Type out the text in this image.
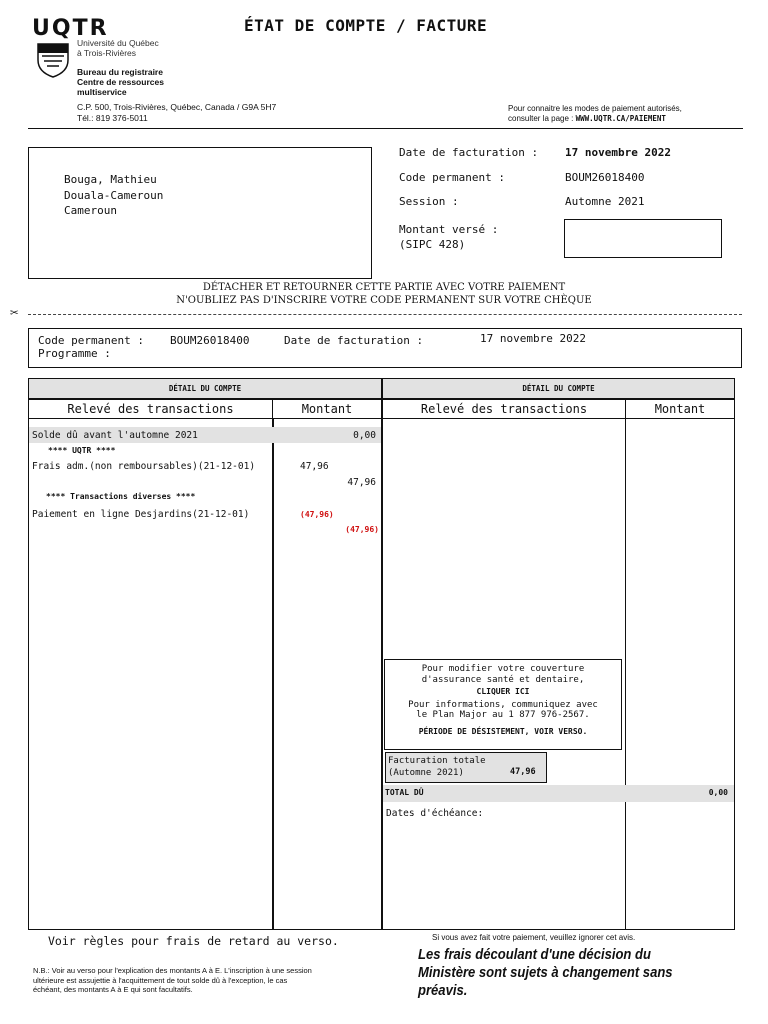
UQTR
Université du Québec
à Trois-Rivières
Bureau du registraire
Centre de ressources
multiservice
C.P. 500, Trois-Rivières, Québec, Canada / G9A 5H7
Tél.: 819 376-5011
ÉTAT DE COMPTE / FACTURE
Pour connaitre les modes de paiement autorisés,
consulter la page : WWW.UQTR.CA/PAIEMENT
Bouga, Mathieu
Douala-Cameroun
Cameroun
Date de facturation : 17 novembre 2022
Code permanent :	BOUM26018400
Session :	Automne 2021
Montant versé :
(SIPC 428)
DÉTACHER ET RETOURNER CETTE PARTIE AVEC VOTRE PAIEMENT
N'OUBLIEZ PAS D'INSCRIRE VOTRE CODE PERMANENT SUR VOTRE CHÈQUE
✂
Code permanent : BOUM26018400	Date de facturation :	17 novembre 2022
Programme :
DÉTAIL DU COMPTE
Relevé des transactions	Montant
DÉTAIL DU COMPTE
Relevé des transactions	Montant
Solde dû avant l'automne 2021	0,00
**** UQTR ****
Frais adm.(non remboursables)(21-12-01)	47,96
47,96
**** Transactions diverses ****
Paiement en ligne Desjardins(21-12-01)	(47,96)
(47,96)
Pour modifier votre couverture
d'assurance santé et dentaire,
CLIQUER ICI
Pour informations, communiquez avec
le Plan Major au 1 877 976-2567.
PÉRIODE DE DÉSISTEMENT, VOIR VERSO.
Facturation totale
(Automne 2021)	47,96
TOTAL DÛ	0,00
Dates d'échéance:
Voir règles pour frais de retard au verso.	Si vous avez fait votre paiement, veuillez ignorer cet avis.
N.B.: Voir au verso pour l'explication des montants A à E. L'inscription à une session
ultérieure est assujettie à l'acquittement de tout solde dû à l'exception, le cas
échéant, des montants A à E qui sont facultatifs.
Les frais découlant d'une décision du
Ministère sont sujets à changement sans
préavis.
